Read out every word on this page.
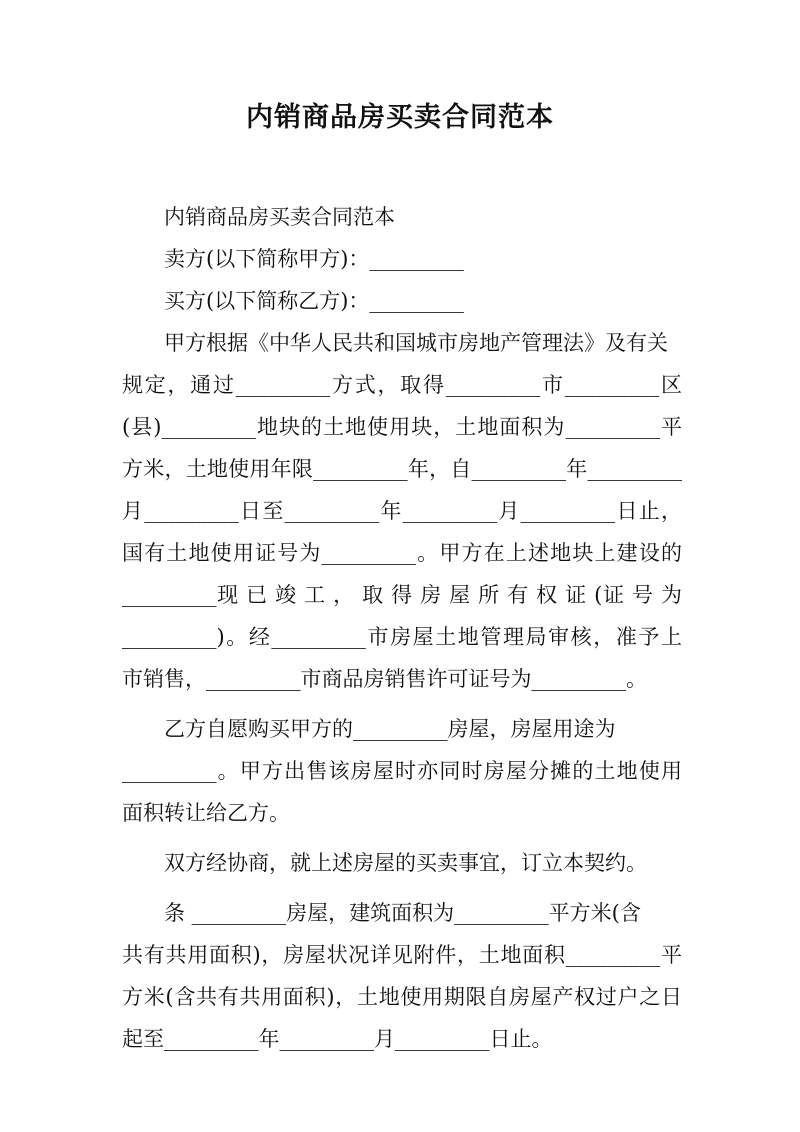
内销商品房买卖合同范本
内销商品房买卖合同范本
卖方(以下简称甲方)：_________
买方(以下简称乙方)：_________
甲方根据《中华人民共和国城市房地产管理法》及有关
规定，通过_________方式，取得_________市_________区
(县)_________地块的土地使用块，土地面积为_________平
方米，土地使用年限_________年，自_________年_________
月_________日至_________年_________月_________日止，
国有土地使用证号为_________。甲方在上述地块上建设的
_________现 已 竣 工 ， 取 得 房 屋 所 有 权 证 (证 号 为
_________)。经_________市房屋土地管理局审核，准予上
市销售，_________市商品房销售许可证号为_________。
乙方自愿购买甲方的_________房屋，房屋用途为
_________。甲方出售该房屋时亦同时房屋分摊的土地使用
面积转让给乙方。
双方经协商，就上述房屋的买卖事宜，订立本契约。
条 _________房屋，建筑面积为_________平方米(含
共有共用面积)，房屋状况详见附件，土地面积_________平
方米(含共有共用面积)，土地使用期限自房屋产权过户之日
起至_________年_________月_________日止。
